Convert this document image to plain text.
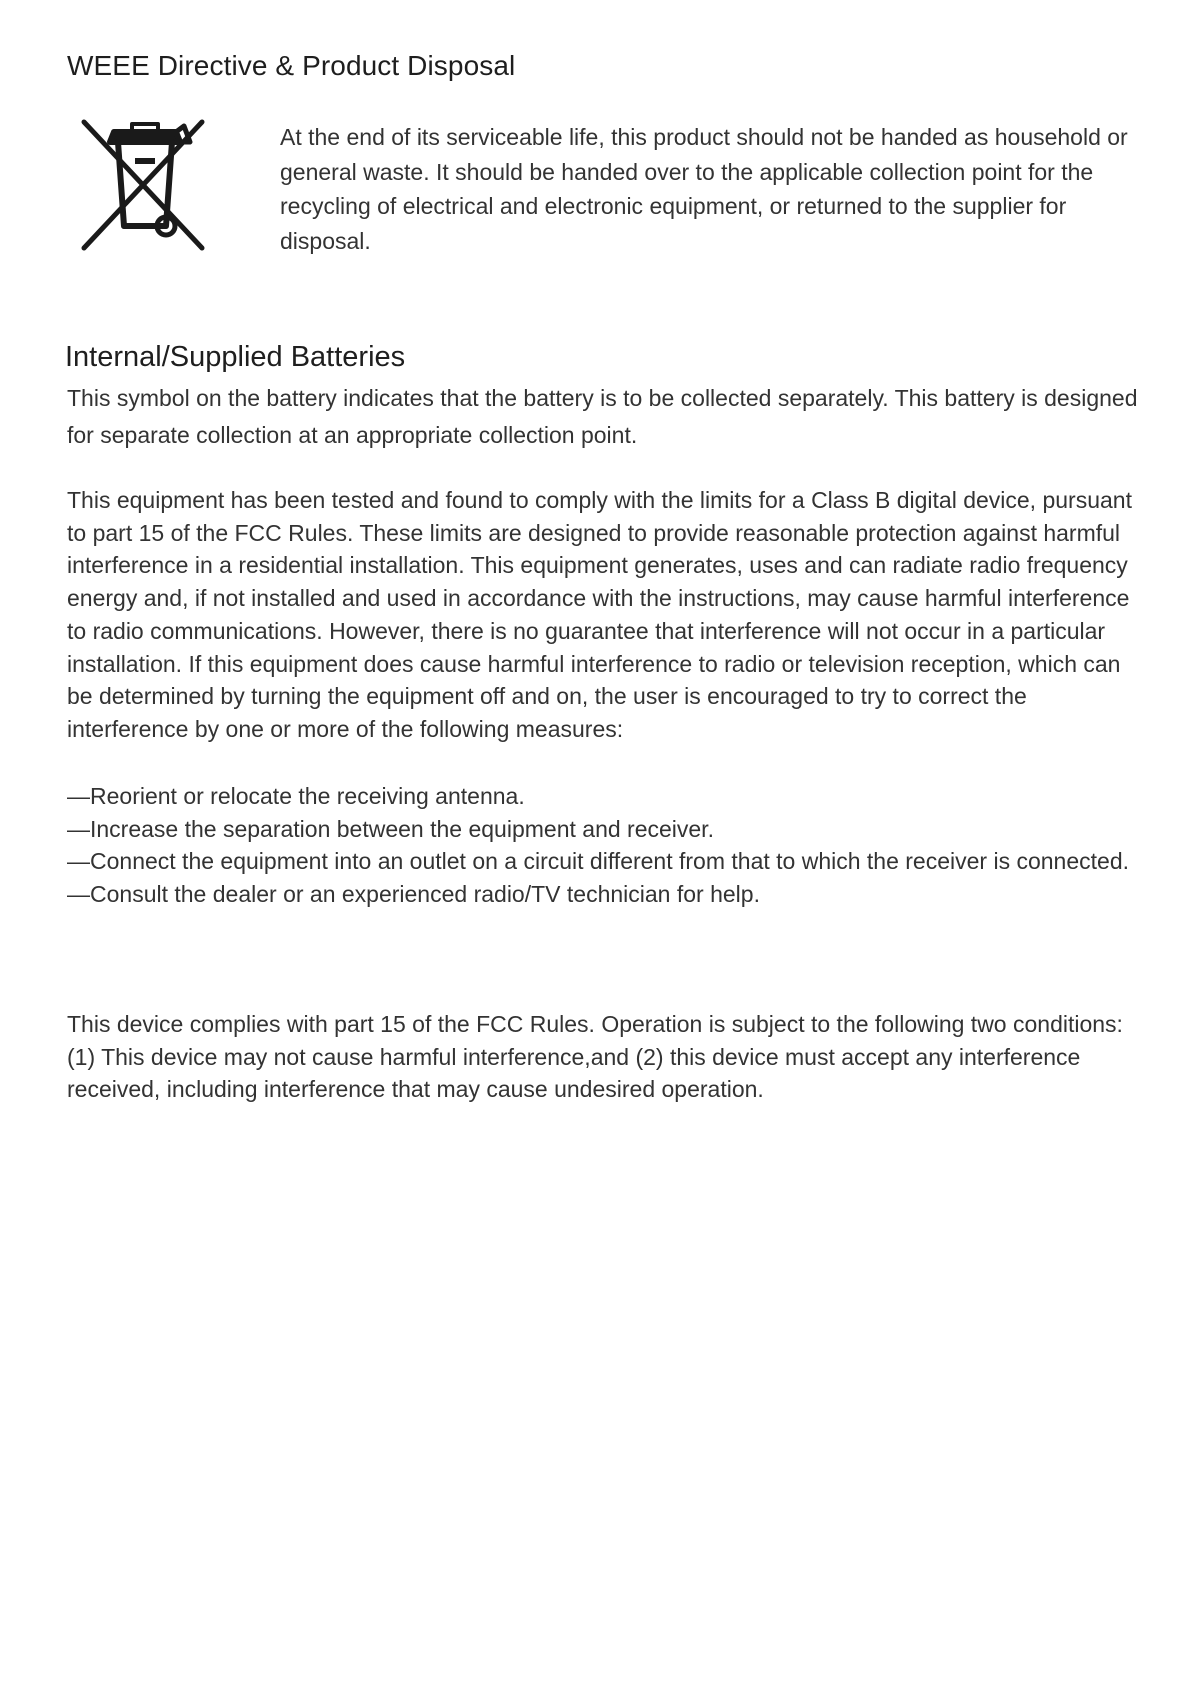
WEEE Directive & Product Disposal

At the end of its serviceable life, this product should not be handed as household or general waste. It should be handed over to the applicable collection point for the recycling of electrical and electronic equipment, or returned to the supplier for disposal.

Internal/Supplied Batteries

This symbol on the battery indicates that the battery is to be collected separately. This battery is designed for separate collection at an appropriate collection point.

This equipment has been tested and found to comply with the limits for a Class B digital device, pursuant to part 15 of the FCC Rules. These limits are designed to provide reasonable protection against harmful interference in a residential installation. This equipment generates, uses and can radiate radio frequency energy and, if not installed and used in accordance with the instructions, may cause harmful interference to radio communications. However, there is no guarantee that interference will not occur in a particular installation. If this equipment does cause harmful interference to radio or television reception, which can be determined by turning the equipment off and on, the user is encouraged to try to correct the interference by one or more of the following measures:

—Reorient or relocate the receiving antenna.
—Increase the separation between the equipment and receiver.
—Connect the equipment into an outlet on a circuit different from that to which the receiver is connected.
—Consult the dealer or an experienced radio/TV technician for help.

This device complies with part 15 of the FCC Rules. Operation is subject to the following two conditions: (1) This device may not cause harmful interference,and (2) this device must accept any interference received, including interference that may cause undesired operation.
